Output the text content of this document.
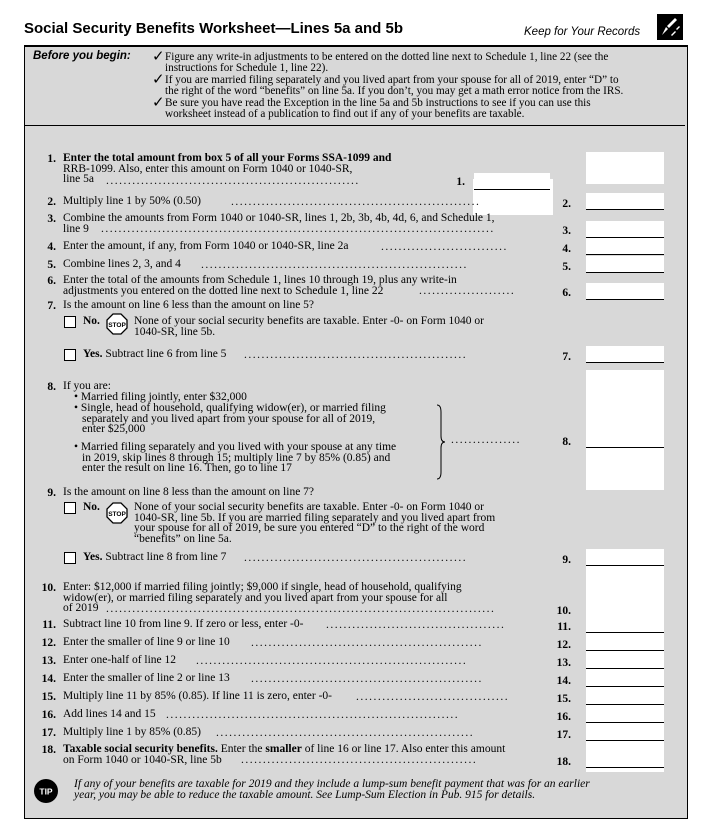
Social Security Benefits Worksheet—Lines 5a and 5b	Keep for Your Records
Before you begin: ✓ Figure any write-in adjustments to be entered on the dotted line next to Schedule 1, line 22 (see the
instructions for Schedule 1, line 22).
✓ If you are married filing separately and you lived apart from your spouse for all of 2019, enter “D” to
the right of the word “benefits” on line 5a. If you don’t, you may get a math error notice from the IRS.
✓ Be sure you have read the Exception in the line 5a and 5b instructions to see if you can use this
worksheet instead of a publication to find out if any of your benefits are taxable.
1. Enter the total amount from box 5 of all your Forms SSA-1099 and
RRB-1099. Also, enter this amount on Form 1040 or 1040-SR,
line 5a	..........................................................	1.
2. Multiply line 1 by 50% (0.50)	.........................................................	2.
3. Combine the amounts from Form 1040 or 1040-SR, lines 1, 2b, 3b, 4b, 4d, 6, and Schedule 1,
line 9	..........................................................................................	3.
4. Enter the amount, if any, from Form 1040 or 1040-SR, line 2a	.............................	4.
5. Combine lines 2, 3, and 4 .............................................................	5.
6. Enter the total of the amounts from Schedule 1, lines 10 through 19, plus any write-in
adjustments you entered on the dotted line next to Schedule 1, line 22	......................	6.
7. Is the amount on line 6 less than the amount on line 5?
No. STOP None of your social security benefits are taxable. Enter -0- on Form 1040 or
1040-SR, line 5b.
Yes. Subtract line 6 from line 5 ...................................................	7.
8. If you are:
• Married filing jointly, enter $32,000
• Single, head of household, qualifying widow(er), or married filing
separately and you lived apart from your spouse for all of 2019,
enter $25,000
• Married filing separately and you lived with your spouse at any time
in 2019, skip lines 8 through 15; multiply line 7 by 85% (0.85) and
enter the result on line 16. Then, go to line 17
................	8.
9. Is the amount on line 8 less than the amount on line 7?
No.
STOP
None of your social security benefits are taxable. Enter -0- on Form 1040 or
1040-SR, line 5b. If you are married filing separately and you lived apart from
your spouse for all of 2019, be sure you entered “D” to the right of the word
“benefits” on line 5a.
Yes. Subtract line 8 from line 7 ...................................................	9.
10. Enter: $12,000 if married filing jointly; $9,000 if single, head of household, qualifying
widow(er), or married filing separately and you lived apart from your spouse for all
of 2019 .........................................................................................	10.
11. Subtract line 10 from line 9. If zero or less, enter -0- .........................................	11.
12. Enter the smaller of line 9 or line 10 .....................................................	12.
13. Enter one-half of line 12 ..............................................................	13.
14. Enter the smaller of line 2 or line 13 .....................................................	14.
15. Multiply line 11 by 85% (0.85). If line 11 is zero, enter -0- ...................................	15.
16. Add lines 14 and 15 ...................................................................	16.
17. Multiply line 1 by 85% (0.85) ...........................................................	17.
18. Taxable social security benefits. Enter the smaller of line 16 or line 17. Also enter this amount
on Form 1040 or 1040-SR, line 5b	......................................................	18.
TIP
If any of your benefits are taxable for 2019 and they include a lump-sum benefit payment that was for an earlier
year, you may be able to reduce the taxable amount. See Lump-Sum Election in Pub. 915 for details.
